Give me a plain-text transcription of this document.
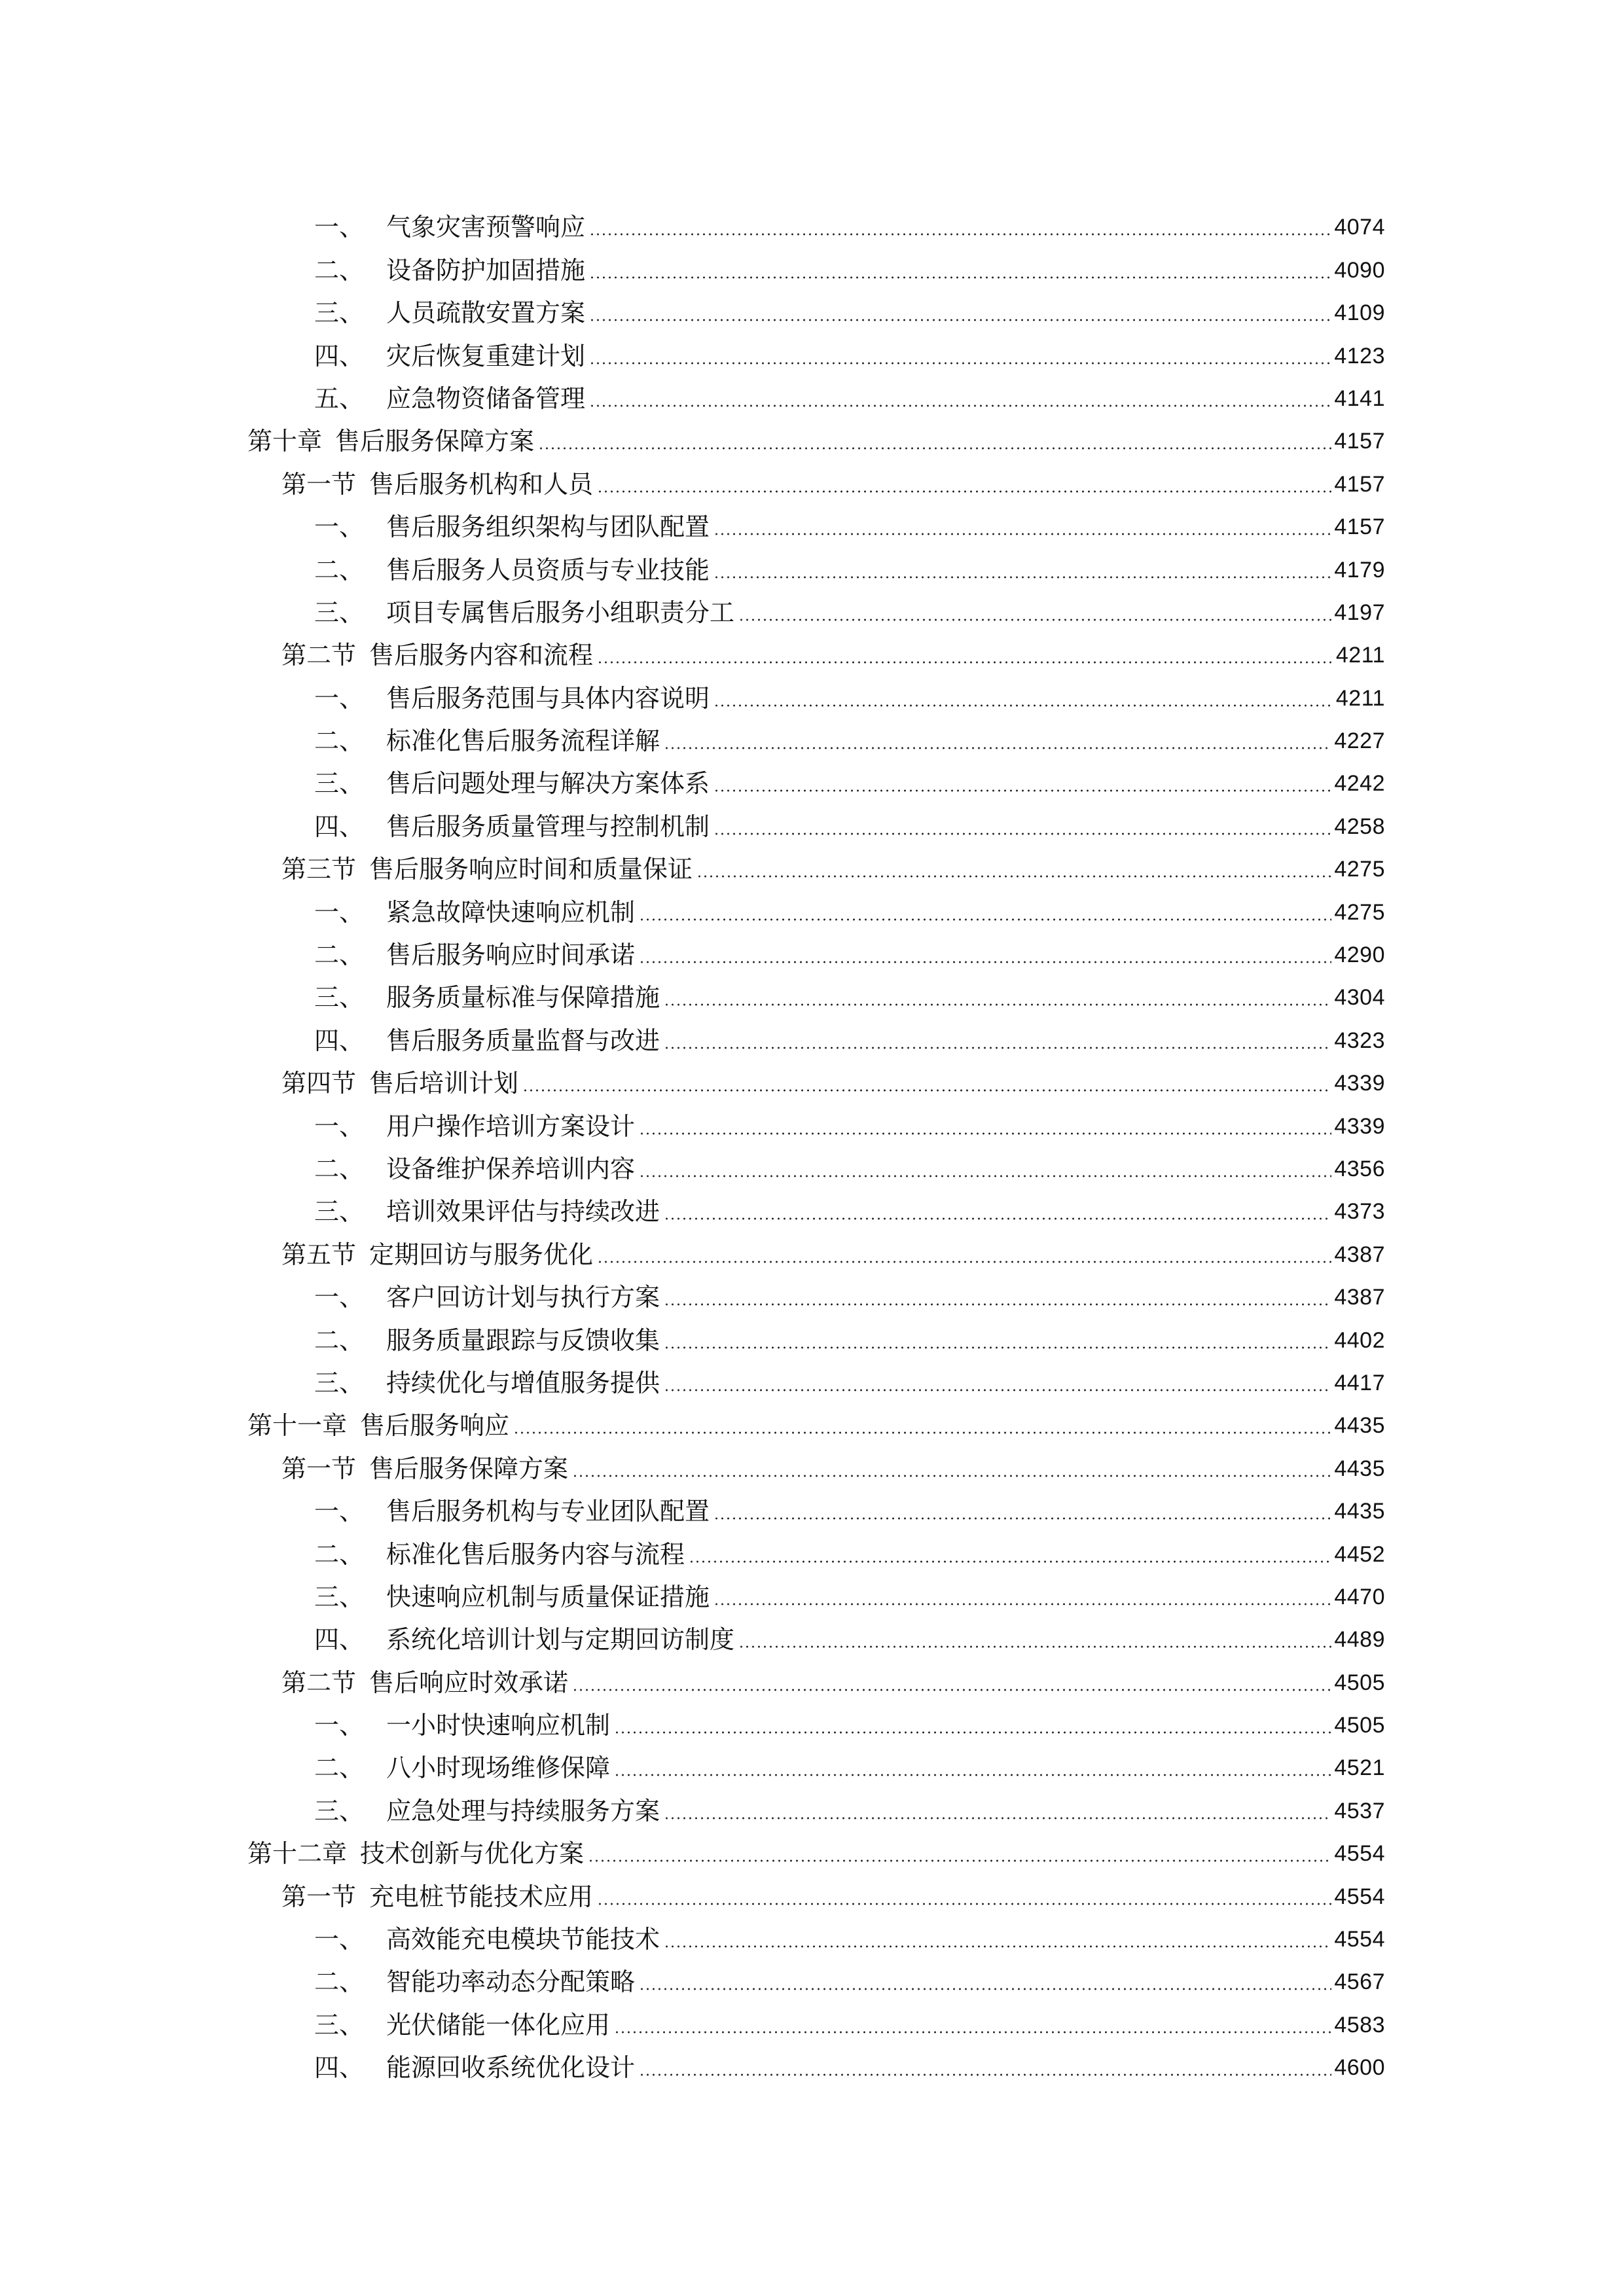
一、 气象灾害预警响应	4074
二、 设备防护加固措施	4090
三、 人员疏散安置方案	4109
四、 灾后恢复重建计划	4123
五、 应急物资储备管理	4141
第十章 售后服务保障方案	4157
第一节 售后服务机构和人员	4157
一、 售后服务组织架构与团队配置	4157
二、 售后服务人员资质与专业技能	4179
三、 项目专属售后服务小组职责分工	4197
第二节 售后服务内容和流程	4211
一、 售后服务范围与具体内容说明	4211
二、 标准化售后服务流程详解	4227
三、 售后问题处理与解决方案体系	4242
四、 售后服务质量管理与控制机制	4258
第三节 售后服务响应时间和质量保证	4275
一、 紧急故障快速响应机制	4275
二、 售后服务响应时间承诺	4290
三、 服务质量标准与保障措施	4304
四、 售后服务质量监督与改进	4323
第四节 售后培训计划	4339
一、 用户操作培训方案设计	4339
二、 设备维护保养培训内容	4356
三、 培训效果评估与持续改进	4373
第五节 定期回访与服务优化	4387
一、 客户回访计划与执行方案	4387
二、 服务质量跟踪与反馈收集	4402
三、 持续优化与增值服务提供	4417
第十一章 售后服务响应	4435
第一节 售后服务保障方案	4435
一、 售后服务机构与专业团队配置	4435
二、 标准化售后服务内容与流程	4452
三、 快速响应机制与质量保证措施	4470
四、 系统化培训计划与定期回访制度	4489
第二节 售后响应时效承诺	4505
一、 一小时快速响应机制	4505
二、 八小时现场维修保障	4521
三、 应急处理与持续服务方案	4537
第十二章 技术创新与优化方案	4554
第一节 充电桩节能技术应用	4554
一、 高效能充电模块节能技术	4554
二、 智能功率动态分配策略	4567
三、 光伏储能一体化应用	4583
四、 能源回收系统优化设计	4600
